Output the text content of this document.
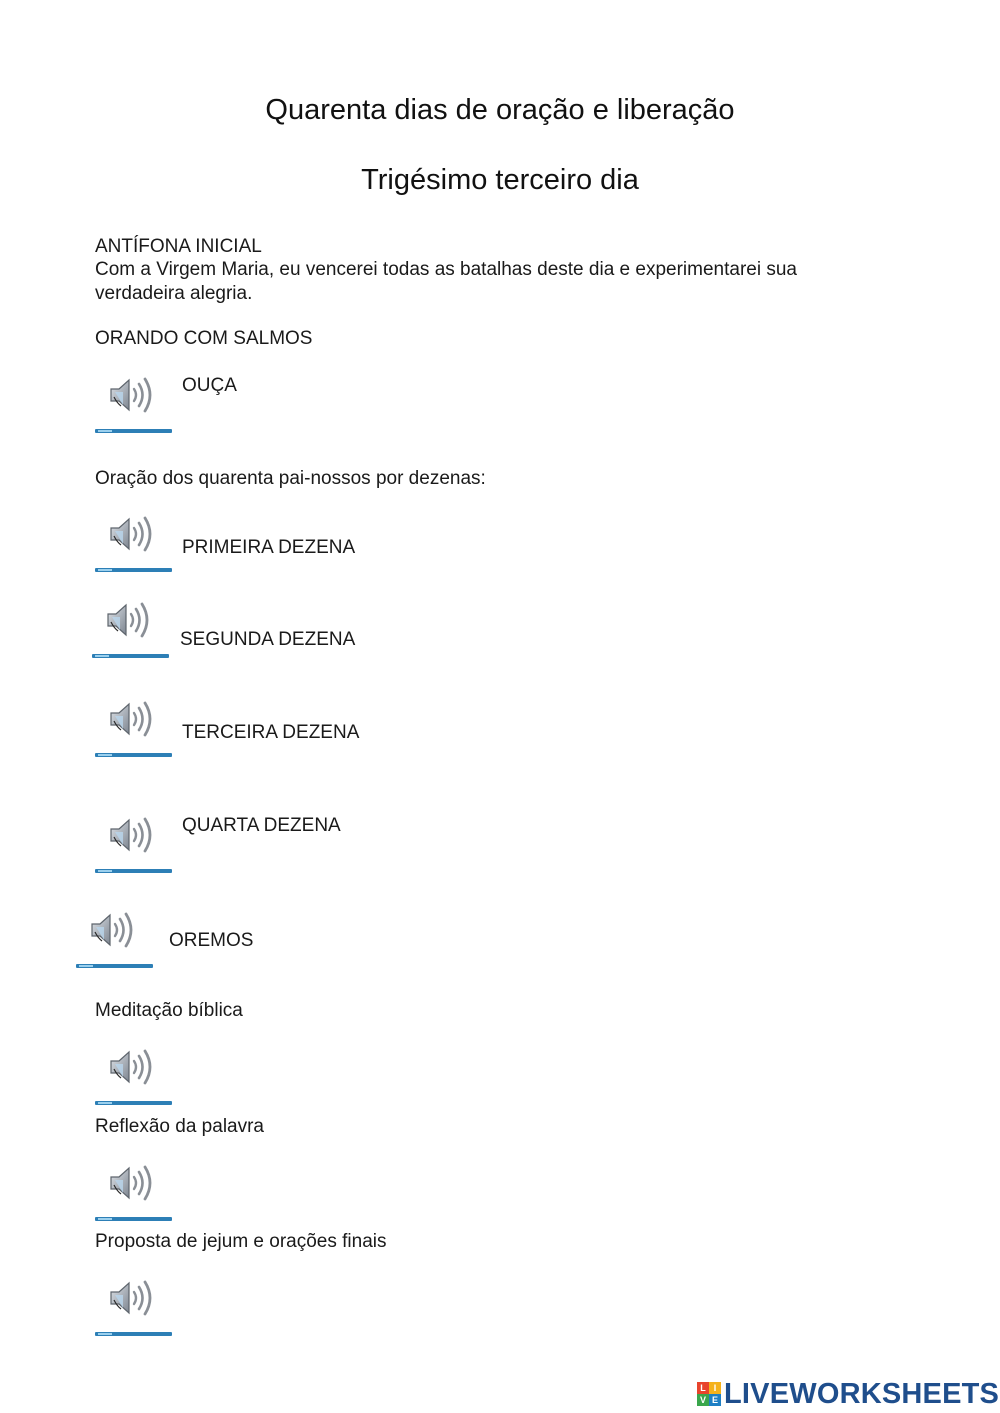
Quarenta dias de oração e liberação
Trigésimo terceiro dia
ANTÍFONA INICIAL
Com a Virgem Maria, eu vencerei todas as batalhas deste dia e experimentarei sua verdadeira alegria.
ORANDO COM SALMOS
OUÇA
Oração dos quarenta pai-nossos por dezenas:
PRIMEIRA DEZENA
SEGUNDA DEZENA
TERCEIRA DEZENA
QUARTA DEZENA
OREMOS
Meditação bíblica
Reflexão da palavra
Proposta de jejum e orações finais
L I
V E LIVEWORKSHEETS
